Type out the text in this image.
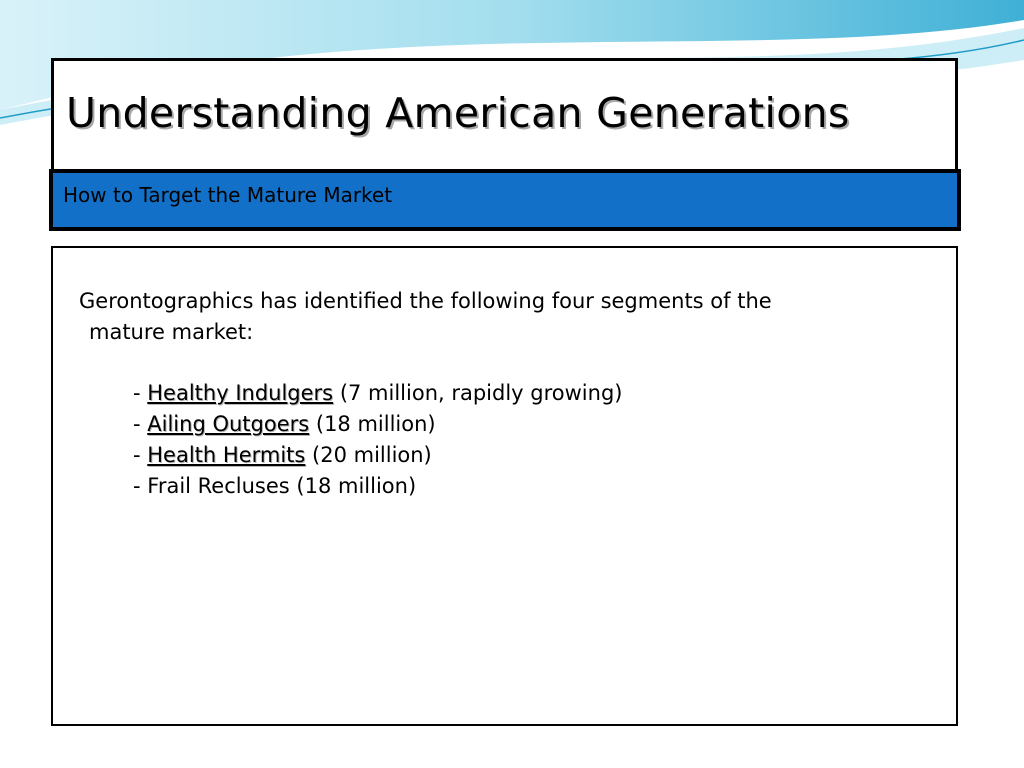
Understanding American Generations
How to Target the Mature Market
Gerontographics has identified the following four segments of the
mature market:
- Healthy Indulgers (7 million, rapidly growing)
- Ailing Outgoers (18 million)
- Health Hermits (20 million)
- Frail Recluses (18 million)
